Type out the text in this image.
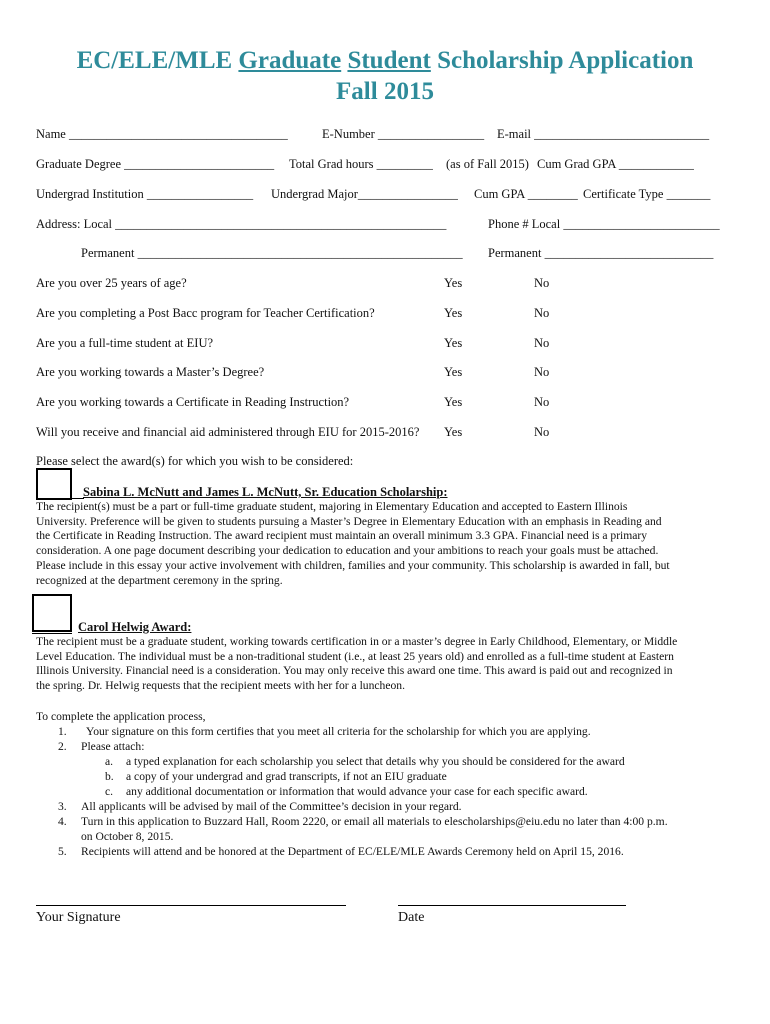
EC/ELE/MLE Graduate Student Scholarship Application
Fall 2015
Name ___________________________________	E-Number _________________ E-mail ____________________________
Graduate Degree ________________________ Total Grad hours _________ (as of Fall 2015) Cum Grad GPA ____________
Undergrad Institution _________________ Undergrad Major________________ Cum GPA ________ Certificate Type _______
Address: Local _____________________________________________________	Phone # Local _________________________
Permanent ____________________________________________________ Permanent ___________________________
Are you over 25 years of age?	Yes	No
Are you completing a Post Bacc program for Teacher Certification?	Yes	No
Are you a full-time student at EIU?	Yes	No
Are you working towards a Master’s Degree?	Yes	No
Are you working towards a Certificate in Reading Instruction?	Yes	No
Will you receive and financial aid administered through EIU for 2015-2016? Yes	No
Please select the award(s) for which you wish to be considered:
Sabina L. McNutt and James L. McNutt, Sr. Education Scholarship:
The recipient(s) must be a part or full-time graduate student, majoring in Elementary Education and accepted to Eastern Illinois
University. Preference will be given to students pursuing a Master’s Degree in Elementary Education with an emphasis in Reading and
the Certificate in Reading Instruction. The award recipient must maintain an overall minimum 3.3 GPA. Financial need is a primary
consideration. A one page document describing your dedication to education and your ambitions to reach your goals must be attached.
Please include in this essay your active involvement with children, families and your community. This scholarship is awarded in fall, but
recognized at the department ceremony in the spring.
Carol Helwig Award:
The recipient must be a graduate student, working towards certification in or a master’s degree in Early Childhood, Elementary, or Middle
Level Education. The individual must be a non-traditional student (i.e., at least 25 years old) and enrolled as a full-time student at Eastern
Illinois University. Financial need is a consideration. You may only receive this award one time. This award is paid out and recognized in
the spring. Dr. Helwig requests that the recipient meets with her for a luncheon.
To complete the application process,
1. Your signature on this form certifies that you meet all criteria for the scholarship for which you are applying.
2. Please attach:
a. a typed explanation for each scholarship you select that details why you should be considered for the award
b. a copy of your undergrad and grad transcripts, if not an EIU graduate
c. any additional documentation or information that would advance your case for each specific award.
3. All applicants will be advised by mail of the Committee’s decision in your regard.
4. Turn in this application to Buzzard Hall, Room 2220, or email all materials to elescholarships@eiu.edu no later than 4:00 p.m.
on October 8, 2015.
5. Recipients will attend and be honored at the Department of EC/ELE/MLE Awards Ceremony held on April 15, 2016.
Your Signature	Date
